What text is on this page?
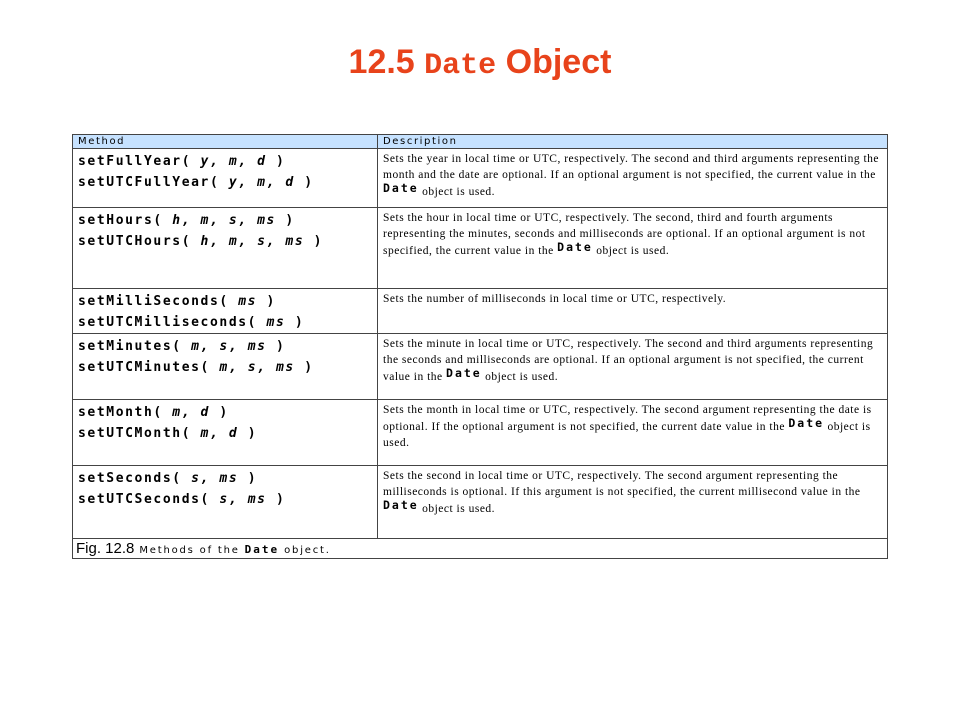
12.5 Date Object
Method	Description

setFullYear( y, m, d )
setUTCFullYear( y, m, d )	Sets the year in local time or UTC, respectively. The second and third arguments representing the month and the date are optional. If an optional argument is not specified, the current value in the Date object is used.

setHours( h, m, s, ms )
setUTCHours( h, m, s, ms )	Sets the hour in local time or UTC, respectively. The second, third and fourth arguments representing the minutes, seconds and milliseconds are optional. If an optional argument is not specified, the current value in the Date object is used.

setMilliSeconds( ms )
setUTCMilliseconds( ms )	Sets the number of milliseconds in local time or UTC, respectively.

setMinutes( m, s, ms )
setUTCMinutes( m, s, ms )	Sets the minute in local time or UTC, respectively. The second and third arguments representing the seconds and milliseconds are optional. If an optional argument is not specified, the current value in the Date object is used.

setMonth( m, d )
setUTCMonth( m, d )	Sets the month in local time or UTC, respectively. The second argument representing the date is optional. If the optional argument is not specified, the current date value in the Date object is used.

setSeconds( s, ms )
setUTCSeconds( s, ms )	Sets the second in local time or UTC, respectively. The second argument representing the milliseconds is optional. If this argument is not specified, the current millisecond value in the Date object is used.

Fig. 12.8 Methods of the Date object.	
